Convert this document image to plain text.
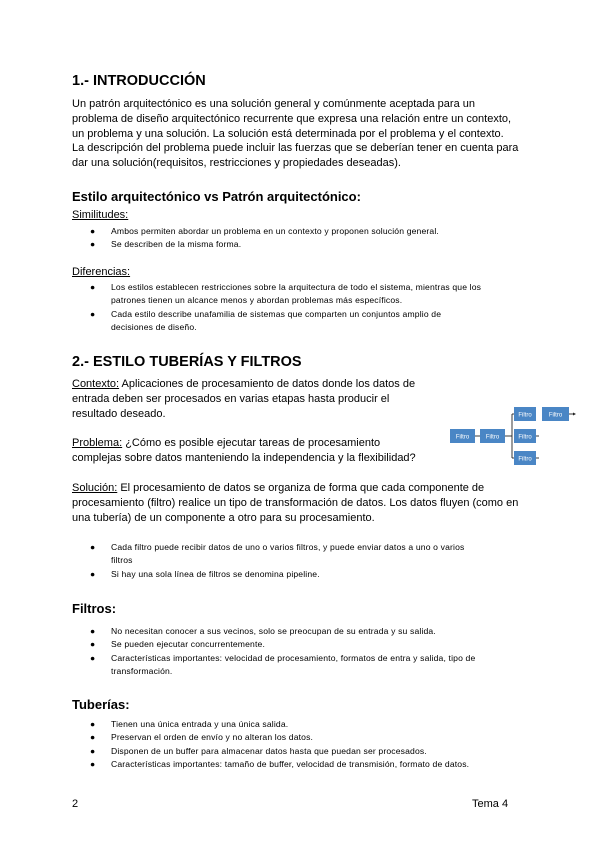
1.- INTRODUCCIÓN
Un patrón arquitectónico es una solución general y comúnmente aceptada para un
problema de diseño arquitectónico recurrente que expresa una relación entre un contexto,
un problema y una solución. La solución está determinada por el problema y el contexto.
La descripción del problema puede incluir las fuerzas que se deberían tener en cuenta para
dar una solución(requisitos, restricciones y propiedades deseadas).
Estilo arquitectónico vs Patrón arquitectónico:
Similitudes:
● Ambos permiten abordar un problema en un contexto y proponen solución general.
● Se describen de la misma forma.
Diferencias:
● Los estilos establecen restricciones sobre la arquitectura de todo el sistema, mientras que los
patrones tienen un alcance menos y abordan problemas más específicos.
● Cada estilo describe unafamilia de sistemas que comparten un conjuntos amplio de
decisiones de diseño.
2.- ESTILO TUBERÍAS Y FILTROS
Contexto: Aplicaciones de procesamiento de datos donde los datos de
entrada deben ser procesados en varias etapas hasta producir el
resultado deseado.
Problema: ¿Cómo es posible ejecutar tareas de procesamiento
complejas sobre datos manteniendo la independencia y la flexibilidad?
Filtro	Filtro
Filtro
Filtro
Filtro
Filtro
Solución: El procesamiento de datos se organiza de forma que cada componente de
procesamiento (filtro) realice un tipo de transformación de datos. Los datos fluyen (como en
una tubería) de un componente a otro para su procesamiento.
● Cada filtro puede recibir datos de uno o varios filtros, y puede enviar datos a uno o varios
filtros
● Si hay una sola línea de filtros se denomina pipeline.
Filtros:
● No necesitan conocer a sus vecinos, solo se preocupan de su entrada y su salida.
● Se pueden ejecutar concurrentemente.
● Características importantes: velocidad de procesamiento, formatos de entra y salida, tipo de
transformación.
Tuberías:
● Tienen una única entrada y una única salida.
● Preservan el orden de envío y no alteran los datos.
● Disponen de un buffer para almacenar datos hasta que puedan ser procesados.
● Características importantes: tamaño de buffer, velocidad de transmisión, formato de datos.
2	Tema 4
